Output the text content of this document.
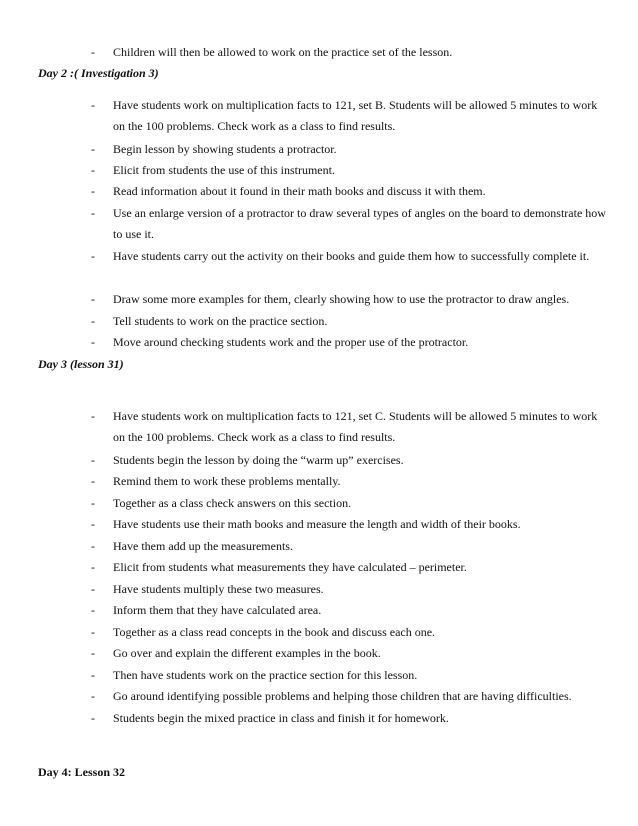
- Children will then be allowed to work on the practice set of the lesson.
Day 2 :( Investigation 3)
- Have students work on multiplication facts to 121, set B. Students will be allowed 5 minutes to work on the 100 problems. Check work as a class to find results.
- Begin lesson by showing students a protractor.
- Elicit from students the use of this instrument.
- Read information about it found in their math books and discuss it with them.
- Use an enlarge version of a protractor to draw several types of angles on the board to demonstrate how to use it.
- Have students carry out the activity on their books and guide them how to successfully complete it.
- Draw some more examples for them, clearly showing how to use the protractor to draw angles.
- Tell students to work on the practice section.
- Move around checking students work and the proper use of the protractor.
Day 3 (lesson 31)
- Have students work on multiplication facts to 121, set C. Students will be allowed 5 minutes to work on the 100 problems. Check work as a class to find results.
- Students begin the lesson by doing the “warm up” exercises.
- Remind them to work these problems mentally.
- Together as a class check answers on this section.
- Have students use their math books and measure the length and width of their books.
- Have them add up the measurements.
- Elicit from students what measurements they have calculated – perimeter.
- Have students multiply these two measures.
- Inform them that they have calculated area.
- Together as a class read concepts in the book and discuss each one.
- Go over and explain the different examples in the book.
- Then have students work on the practice section for this lesson.
- Go around identifying possible problems and helping those children that are having difficulties.
- Students begin the mixed practice in class and finish it for homework.
Day 4: Lesson 32
